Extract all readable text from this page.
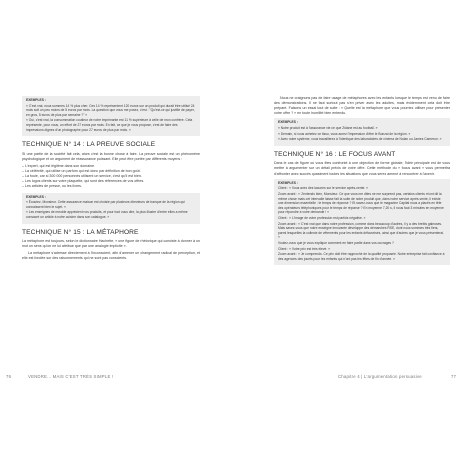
EXEMPLES :

« C'est vrai, nous sommes 14 % plus cher. Ces 14 % représentent 120 euros sur un produit qui durait être utilisé 24 mois soit un peu moins de 5 euros par mois. La question que vous me posez, c'est : "Qu'est-ce qui justifie de payer, en gros, 5 euros de plus par semaine ?" »

« Oui, c'est vrai, la consommation coutieur de notre imprimante est 11 % supérieure à celle de mon confrère. Cela représente, pour vous, un effort de 27 euros par mois. En fait, ce que je vous propose, c'est de faire des impressions dignes d'un photographe pour 27 euros de plus par mois. »

TECHNIQUE N° 14 : LA PREUVE SOCIALE

Si une partie de la société fait cela, alors c'est la bonne chose à faire. La preuve sociale est un phénomène psychologique et un argument de réassurance puissant. Elle peut être portée par différents moyens :

– L'expert, qui est légitime dans son domaine.
– La célébrité, qui utilise un parfum qui est donc par définition de bon goût.
– La foule, car si 300 000 personnes utilisent un service, c'est qu'il est bien.
– Les logos clients sur votre plaquette, qui sont des références de vos offres.
– Les articles de presse, ou les livres.
EXEMPLES :

« Écoutez, Monsieur. Cette assurance maison est choisie par plusieurs directeurs de banque de la région qui connaissent bien le sujet. »

« Les enseignes de meuble apprécient nos produits, et pour tout vous dire, la plus illustre d'entre elles a même consacré un article à notre cuisine dans son catalogue. »

TECHNIQUE N° 15 : LA MÉTAPHORE

La métaphore est toujours, selon le dictionnaire Hachette, « une figure de rhétorique qui consiste à donner à un mot un sens qu'on ne lui attribue que par une analogie implicite ».

La métaphore s'adresse directement à l'inconscient, afin d'amener un changement radical de perception, et elle est fondée sur des raisonnements qui ne sont pas conscients.

Nous ne craignons pas de faire usage de métaphores avec les enfants lorsque le temps est venu de faire des démonstrations. Il ne faut surtout pas s'en priver avec les adultes, mais évidemment cela doit être préparé. Faisons un essai tout de suite : « Quelle est la métaphore que vous pourriez utiliser pour présenter votre offre ? » en toute humilité bien entendu.

EXEMPLES :

« Notre produit est à l'assurance vie ce que Zidane est au football. »

« Demain, si vous achetez ce tissu, vous aurez l'impression d'être le Bonzai de la région. »

« Avec notre système, vous travaillerez à l'identique des laboratoires de cinéma de Nolan ou James Cameron. »

TECHNIQUE N° 16 : LE FOCUS AVANT

Dans le cas de figure où vous êtes confronté à une objection de forme globale, l'idée principale est de vous mettre à argumenter sur un détail précis de votre offre. Cette méthode du « focus avant » vous permettra d'affronter avec succès quasiment toutes les situations que vous serez amené à rencontrer à l'avenir.

EXEMPLES :

Client : « Vous avez des lacunes sur le service après-vente. »

Zoom avant : « J'entends bien, Monsieur. Ce que vous me dites ne me surprend pas, certains clients m'ont dit la même chose mais cet intervalle laisse fait la suite de notre produit que, dans notre service après-vente, il existe une dimension essentielle : le temps de réponse ? Et savez-vous que le magazine Capital nous a placés en tête des opérateurs téléphoniques pour le temps de réponse ? En moyenne 7,20 s, il nous faut 3 minutes en moyenne pour répondre à votre demande ! »

Client : « L'image de votre profession est parfois négative. »

Zoom avant : « C'est vrai que dans notre profession, comme dans beaucoup d'autres, il y a des brebis galeuses. Mais savez-vous que notre enseigne innovante développe des démarches RSE, dont nous sommes très fiers, parmi lesquelles la collecte de vêtements pour les enfants défavorisés, ainsi que d'autres que je vous présenterai. »

Voulez-vous que je vous explique comment en faire partie dans vos ouvrages ?

Client : « Votre prix est très élevé. »

Zoom avant : « Je comprends. Ce prix doit être rapproché de la qualité proposée. Notre entreprise fait confiance à des agences des jouets pour les enfants qui n'ont pas les fêtes de fin d'année. »

76	VENDRE... MAIS C'EST TRÈS SIMPLE !	Chapitre 4 | L'argumentation persuasive	77
